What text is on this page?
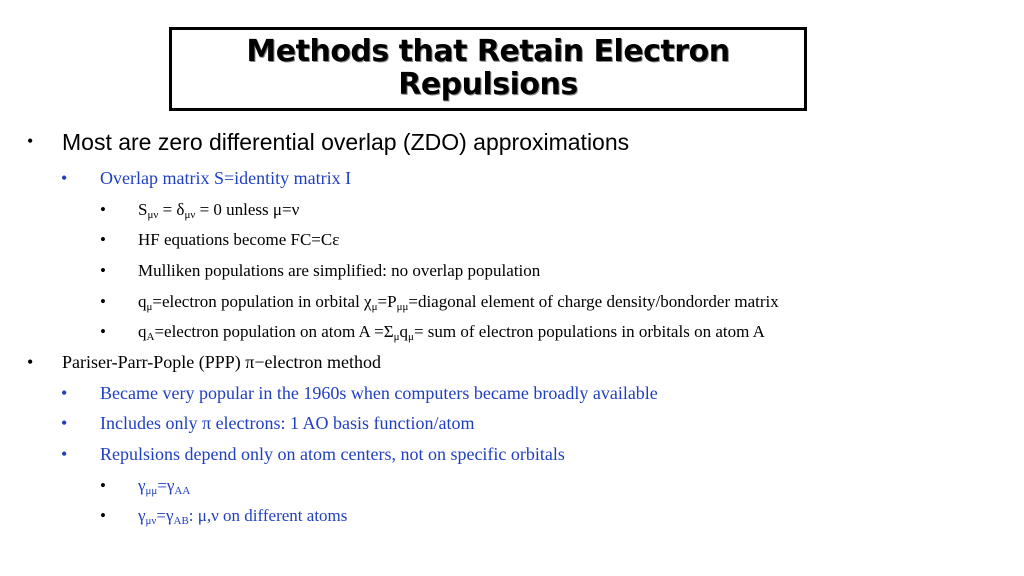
Methods that Retain Electron
Repulsions
• Most are zero differential overlap (ZDO) approximations
• Overlap matrix S=identity matrix I
• $S_{\mu\nu} = \delta_{\mu\nu} = 0$ unless μ=ν
• HF equations become FC=Cε
• Mulliken populations are simplified: no overlap population
• $q_\mu=electron$ population in orbital $\chi_\mu=P_{\mu\mu}=diagonal$ element of charge density/bondorder matrix
• $q_A=electron$ population on atom $A =\Sigma_\mu q_\mu=$ sum of electron populations in orbitals on atom A
• Pariser-Parr-Pople (PPP) π−electron method
• Became very popular in the 1960s when computers became broadly available
• Includes only π electrons: 1 AO basis function/atom
• Repulsions depend only on atom centers, not on specific orbitals
• $\gamma_{\mu\mu}=\gamma_{AA}$
• $\gamma_{\mu\nu}=\gamma_{AB}$: μ,ν on different atoms
